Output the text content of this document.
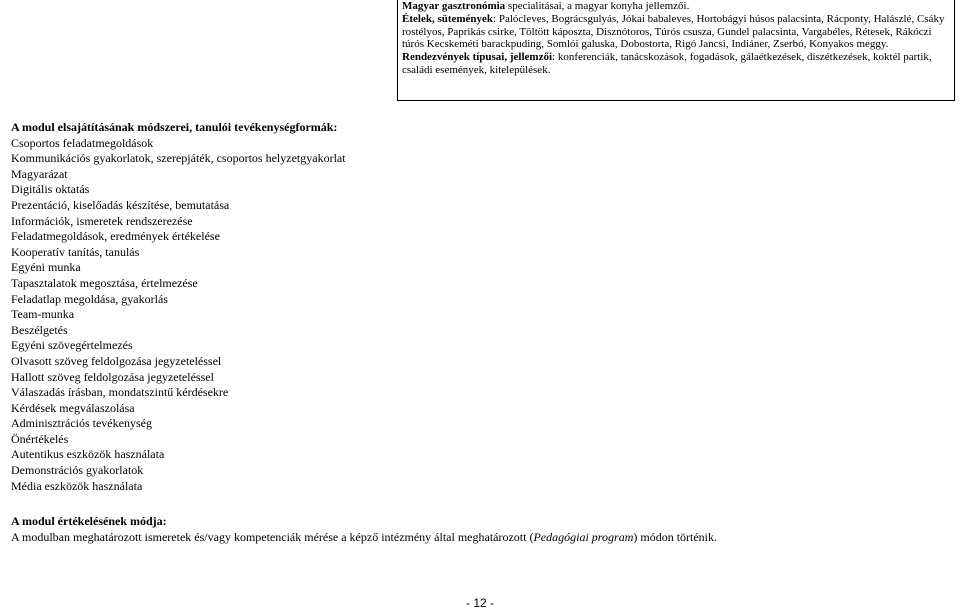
Magyar gasztronómia specialitásai, a magyar konyha jellemzői.

Ételek, sütemények: Palócleves, Bográcsgulyás, Jókai babaleves, Hortobágyi húsos palacsinta, Rácponty, Halászlé, Csáky rostélyos, Paprikás csirke, Töltött káposzta, Disznótoros, Túrós csusza, Gundel palacsinta, Vargabéles, Rétesek, Rákóczi túrós Kecskeméti barackpuding, Somlói galuska, Dobostorta, Rigó Jancsi, Indiáner, Zserbó, Konyakos meggy.

Rendezvények típusai, jellemzői: konferenciák, tanácskozások, fogadások, gálaétkezések, díszétkezések, koktél partik, családi események, kitelepülések.

A modul elsajátításának módszerei, tanulói tevékenységformák:
Csoportos feladatmegoldások
Kommunikációs gyakorlatok, szerepjáték, csoportos helyzetgyakorlat
Magyarázat
Digitális oktatás
Prezentáció, kiselőadás készítése, bemutatása
Információk, ismeretek rendszerezése
Feladatmegoldások, eredmények értékelése
Kooperatív tanítás, tanulás
Egyéni munka
Tapasztalatok megosztása, értelmezése
Feladatlap megoldása, gyakorlás
Team-munka
Beszélgetés
Egyéni szövegértelmezés
Olvasott szöveg feldolgozása jegyzeteléssel
Hallott szöveg feldolgozása jegyzeteléssel
Válaszadás írásban, mondatszintű kérdésekre
Kérdések megválaszolása
Adminisztrációs tevékenység
Önértékelés
Autentikus eszközök használata
Demonstrációs gyakorlatok
Média eszközök használata
A modul értékelésének módja:
A modulban meghatározott ismeretek és/vagy kompetenciák mérése a képző intézmény által meghatározott (Pedagógiai program) módon történik.
- 12 -
